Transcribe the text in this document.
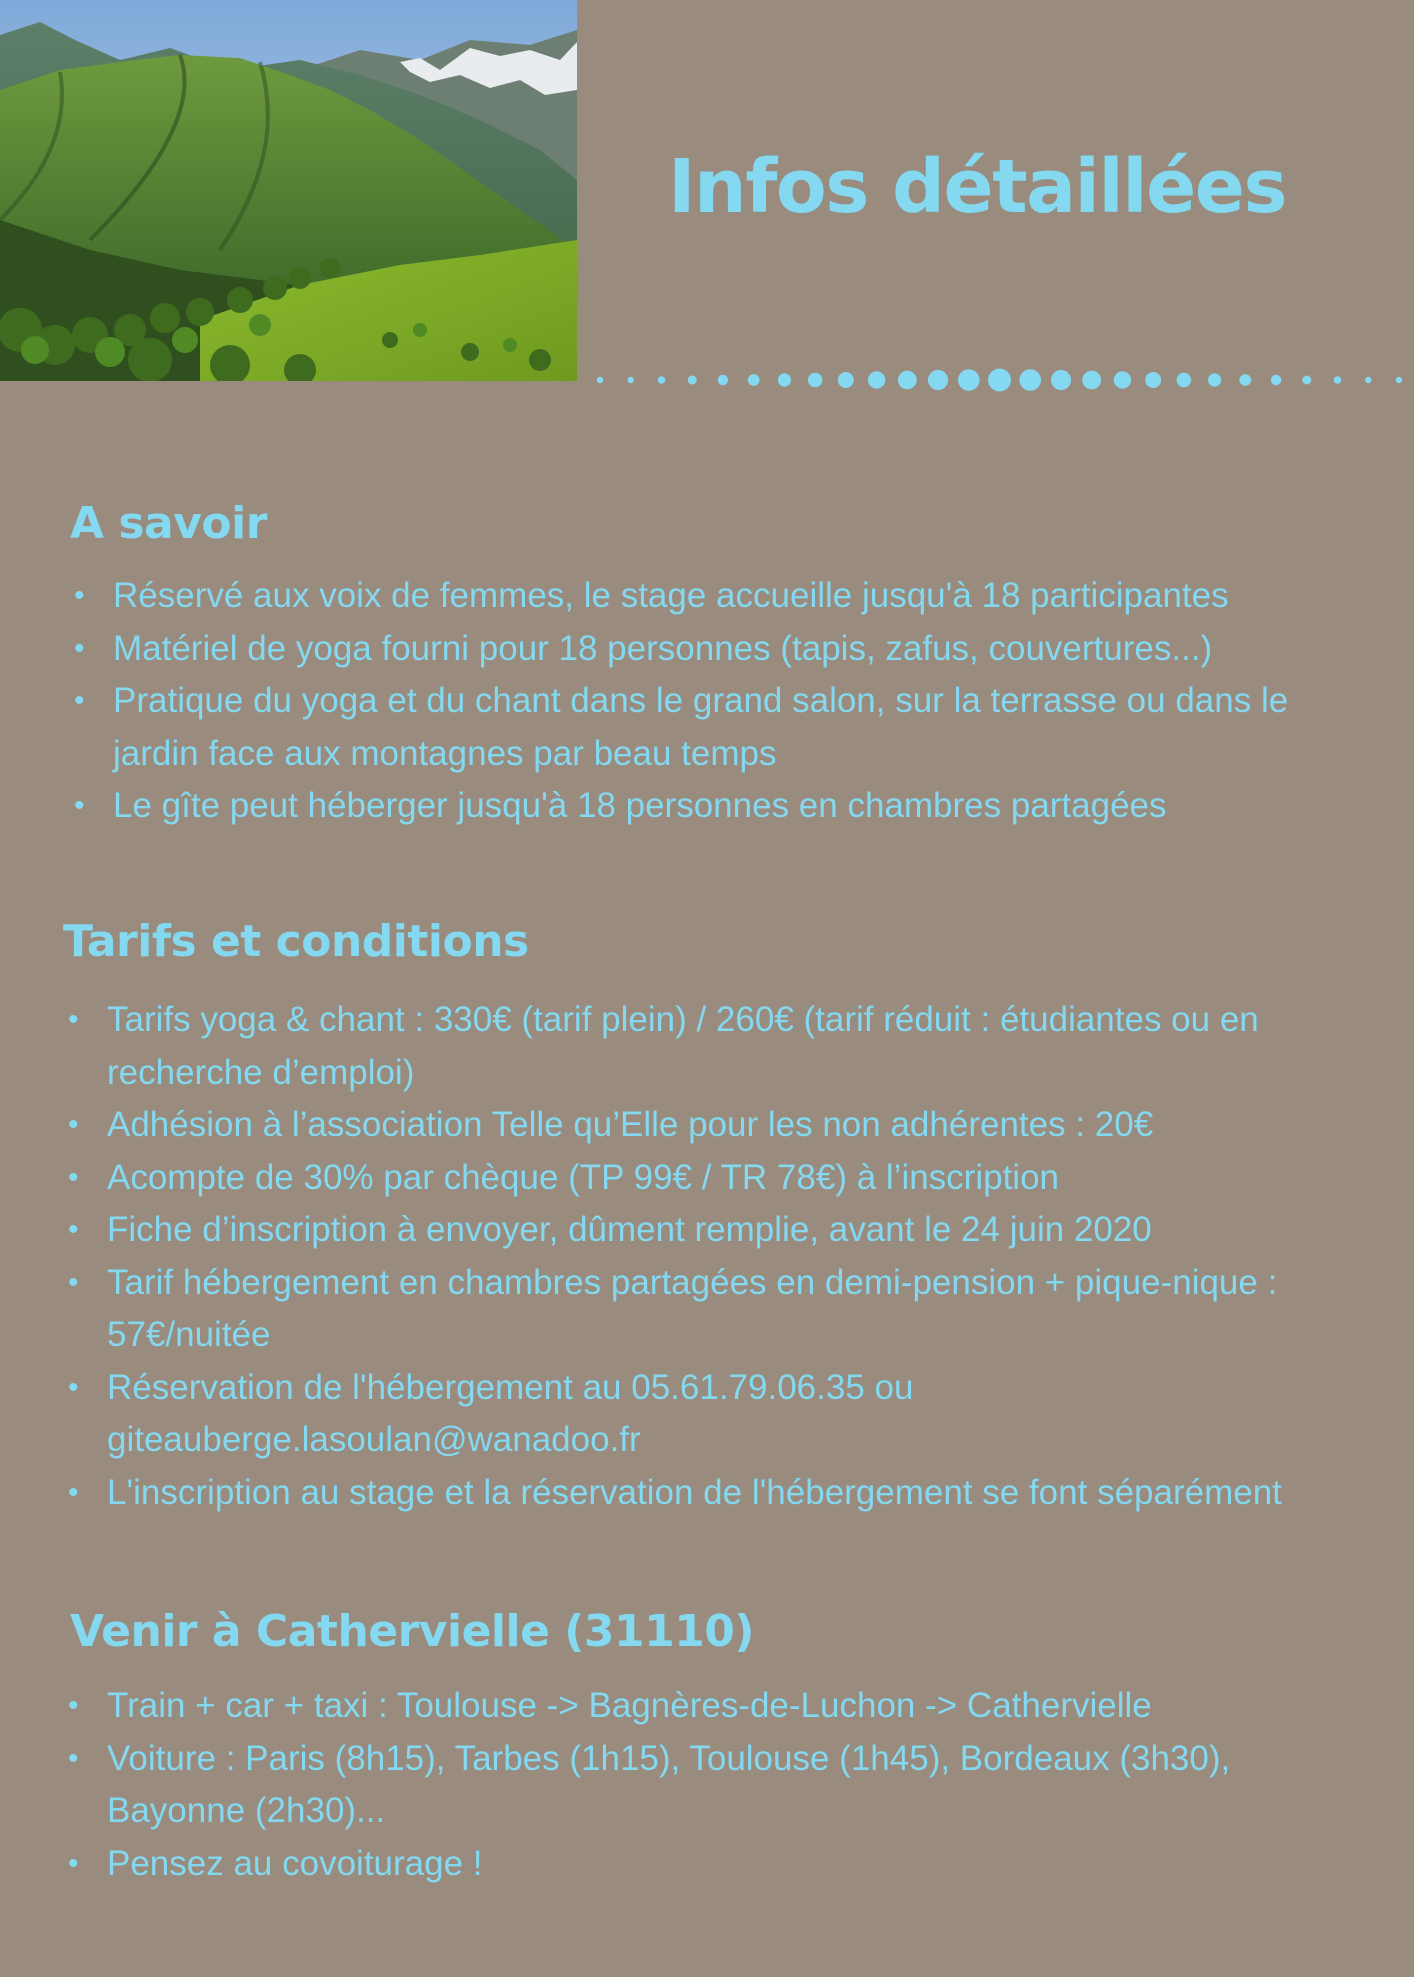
Infos détaillées
A savoir
• Réservé aux voix de femmes, le stage accueille jusqu'à 18 participantes
• Matériel de yoga fourni pour 18 personnes (tapis, zafus, couvertures...)
• Pratique du yoga et du chant dans le grand salon, sur la terrasse ou dans le jardin face aux montagnes par beau temps
• Le gîte peut héberger jusqu'à 18 personnes en chambres partagées
Tarifs et conditions
• Tarifs yoga & chant : 330€ (tarif plein) / 260€ (tarif réduit : étudiantes ou en recherche d’emploi)
• Adhésion à l’association Telle qu’Elle pour les non adhérentes : 20€
• Acompte de 30% par chèque (TP 99€ / TR 78€) à l’inscription
• Fiche d’inscription à envoyer, dûment remplie, avant le 24 juin 2020
• Tarif hébergement en chambres partagées en demi-pension + pique-nique : 57€/nuitée
• Réservation de l'hébergement au 05.61.79.06.35 ou giteauberge.lasoulan@wanadoo.fr
• L'inscription au stage et la réservation de l'hébergement se font séparément
Venir à Cathervielle (31110)
• Train + car + taxi : Toulouse -> Bagnères-de-Luchon -> Cathervielle
• Voiture : Paris (8h15), Tarbes (1h15), Toulouse (1h45), Bordeaux (3h30), Bayonne (2h30)...
• Pensez au covoiturage !
